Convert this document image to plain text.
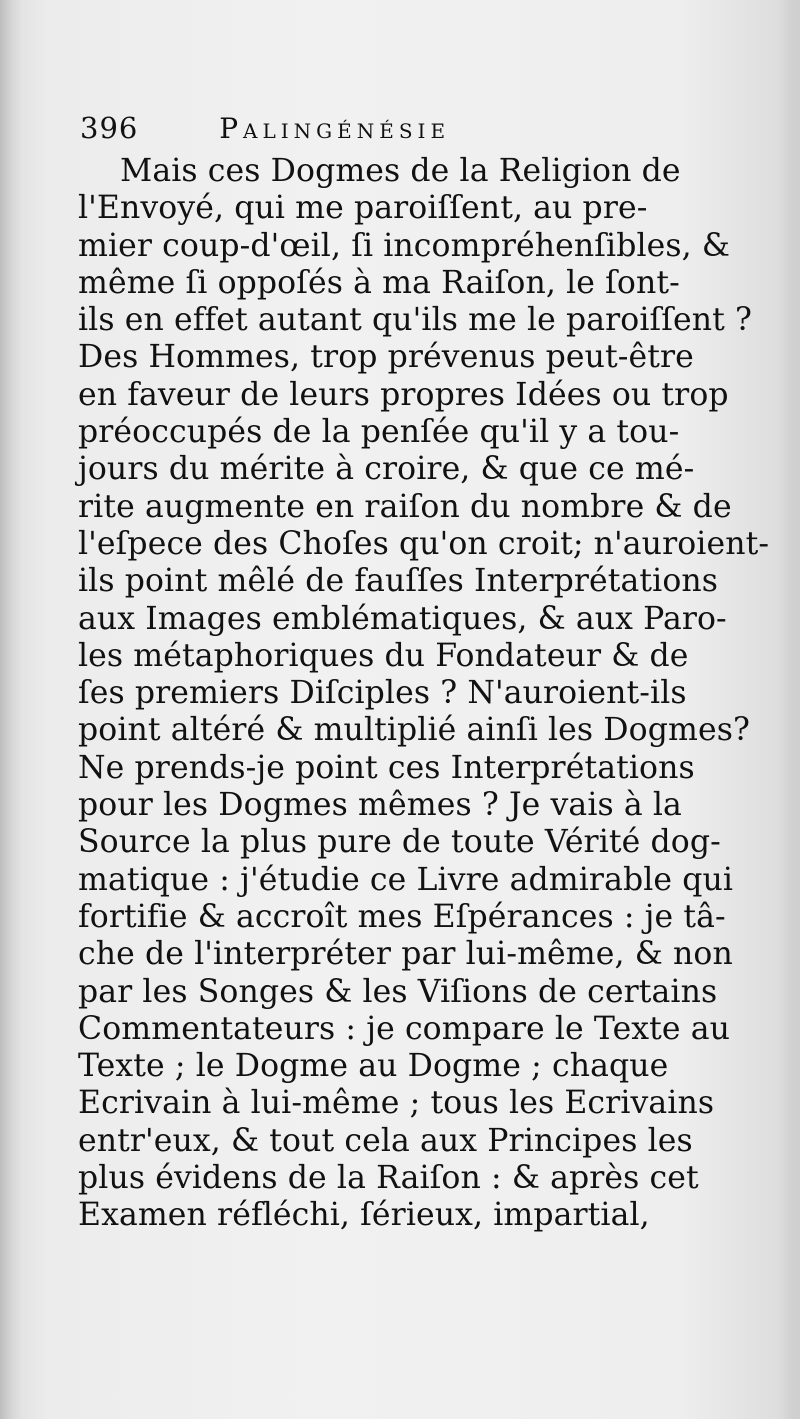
396	Palingénésie
Mais ces Dogmes de la Religion de
l'Envoyé, qui me paroiſſent, au pre-
mier coup-d'œil, ſi incompréhenſibles, &
même ſi oppoſés à ma Raiſon, le ſont-
ils en effet autant qu'ils me le paroiſſent ?
Des Hommes, trop prévenus peut-être
en faveur de leurs propres Idées ou trop
préoccupés de la penſée qu'il y a tou-
jours du mérite à croire, & que ce mé-
rite augmente en raiſon du nombre & de
l'eſpece des Choſes qu'on croit; n'auroient-
ils point mêlé de fauſſes Interprétations
aux Images emblématiques, & aux Paro-
les métaphoriques du Fondateur & de
ſes premiers Diſciples ? N'auroient-ils
point altéré & multiplié ainſi les Dogmes?
Ne prends-je point ces Interprétations
pour les Dogmes mêmes ? Je vais à la
Source la plus pure de toute Vérité dog-
matique : j'étudie ce Livre admirable qui
fortifie & accroît mes Eſpérances : je tâ-
che de l'interpréter par lui-même, & non
par les Songes & les Viſions de certains
Commentateurs : je compare le Texte au
Texte ; le Dogme au Dogme ; chaque
Ecrivain à lui-même ; tous les Ecrivains
entr'eux, & tout cela aux Principes les
plus évidens de la Raiſon : & après cet
Examen réfléchi, ſérieux, impartial,
